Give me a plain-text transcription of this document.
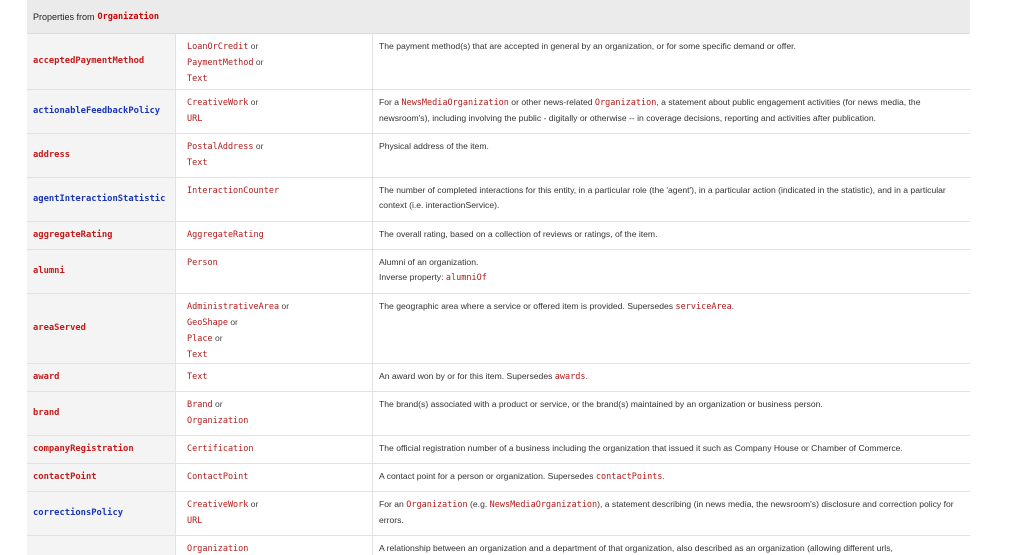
Properties from Organization
acceptedPaymentMethod	LoanOrCredit or
PaymentMethod or
Text	The payment method(s) that are accepted in general by an organization, or for some specific demand or offer.
actionableFeedbackPolicy	CreativeWork or
URL	For a NewsMediaOrganization or other news-related Organization, a statement about public engagement activities (for news media, the newsroom's), including involving the public - digitally or otherwise -- in coverage decisions, reporting and activities after publication.
address	PostalAddress or
Text	Physical address of the item.
agentInteractionStatistic	InteractionCounter	The number of completed interactions for this entity, in a particular role (the 'agent'), in a particular action (indicated in the statistic), and in a particular context (i.e. interactionService).
aggregateRating	AggregateRating	The overall rating, based on a collection of reviews or ratings, of the item.
alumni	Person	Alumni of an organization.
Inverse property: alumniOf

areaServed	AdministrativeArea or
GeoShape or
Place or
Text	The geographic area where a service or offered item is provided. Supersedes serviceArea.
award	Text	An award won by or for this item. Supersedes awards.
brand	Brand or
Organization	The brand(s) associated with a product or service, or the brand(s) maintained by an organization or business person.
companyRegistration	Certification	The official registration number of a business including the organization that issued it such as Company House or Chamber of Commerce.
contactPoint	ContactPoint	A contact point for a person or organization. Supersedes contactPoints.
correctionsPolicy	CreativeWork or
URL	For an Organization (e.g. NewsMediaOrganization), a statement describing (in news media, the newsroom's) disclosure and correction policy for errors.

	Organization	A relationship between an organization and a department of that organization, also described as an organization (allowing different urls,
